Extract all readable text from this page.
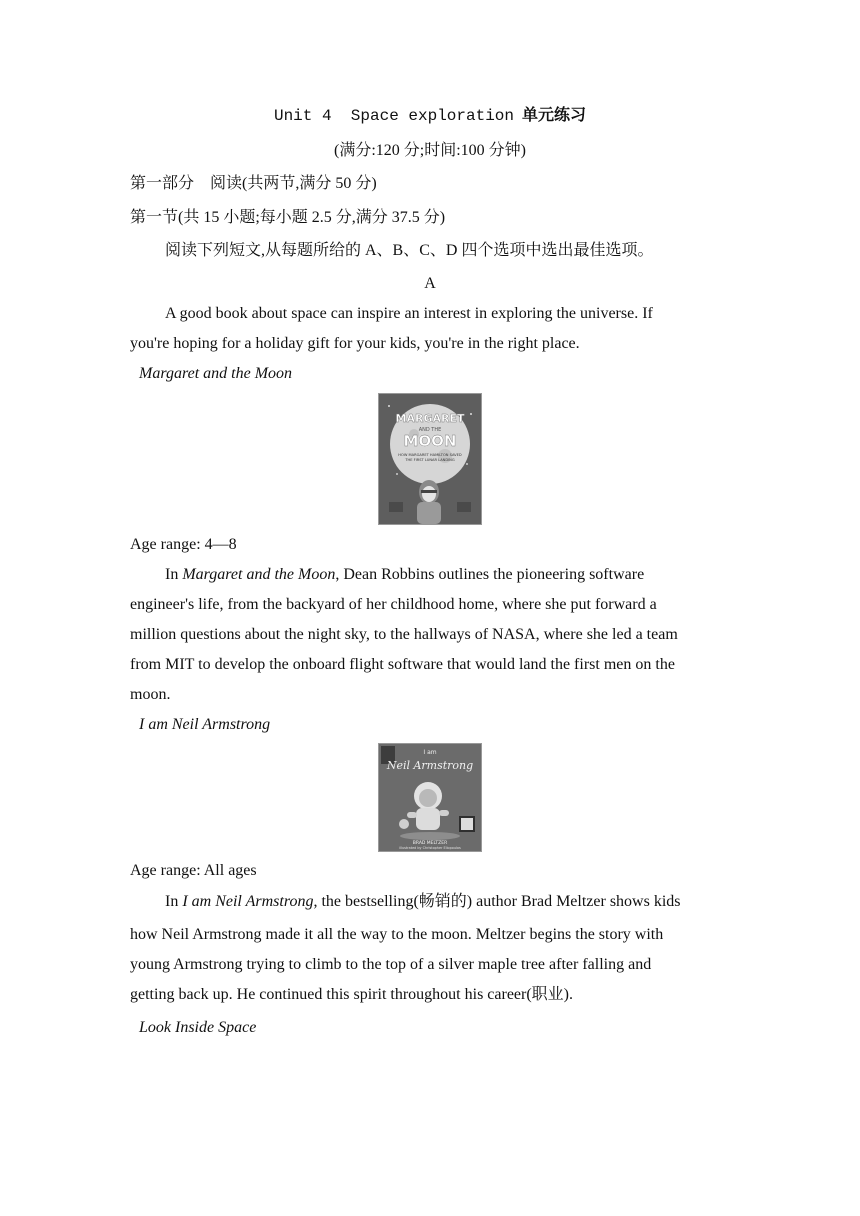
Unit 4  Space exploration 单元练习
(满分:120 分;时间:100 分钟)
第一部分    阅读(共两节,满分 50 分)
第一节(共 15 小题;每小题 2.5 分,满分 37.5 分)
阅读下列短文,从每题所给的 A、B、C、D 四个选项中选出最佳选项。
A
A good book about space can inspire an interest in exploring the universe. If
you're hoping for a holiday gift for your kids, you're in the right place.
Margaret and the Moon
MARGARET
AND THE
MOON
HOW MARGARET HAMILTON SAVED
THE FIRST LUNAR LANDING
Age range: 4—8
In Margaret and the Moon, Dean Robbins outlines the pioneering software
engineer's life, from the backyard of her childhood home, where she put forward a
million questions about the night sky, to the hallways of NASA, where she led a team
from MIT to develop the onboard flight software that would land the first men on the
moon.
I am Neil Armstrong
I am
Neil Armstrong
BRAD MELTZER
illustrated by Christopher Eliopoulos
Age range: All ages
In I am Neil Armstrong, the bestselling(畅销的) author Brad Meltzer shows kids
how Neil Armstrong made it all the way to the moon. Meltzer begins the story with
young Armstrong trying to climb to the top of a silver maple tree after falling and
getting back up. He continued this spirit throughout his career(职业).
Look Inside Space
